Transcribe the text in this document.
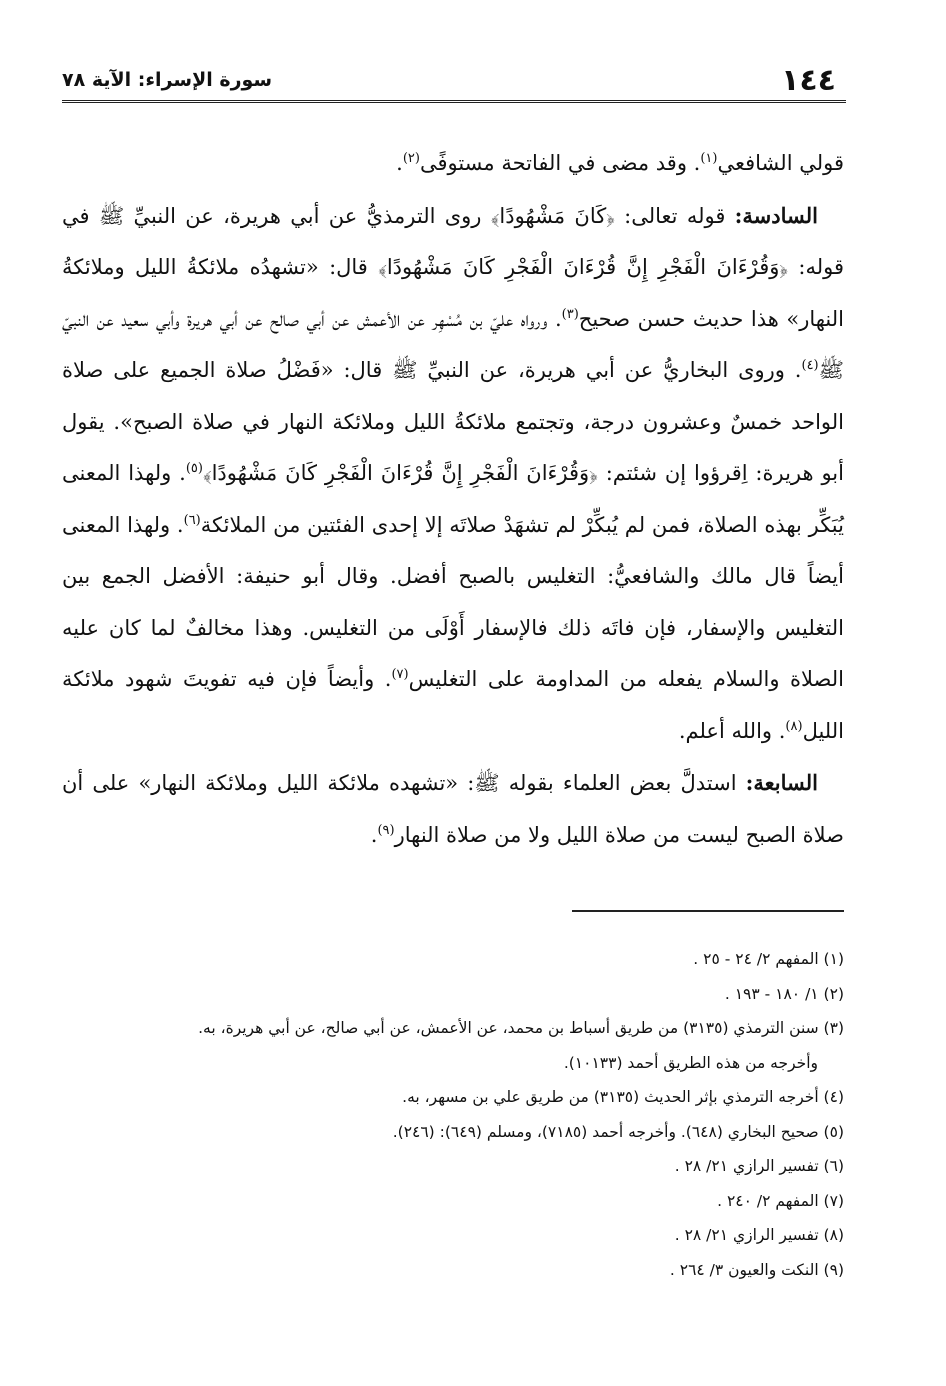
١٤٤
سورة الإسراء: الآية ٧٨

قولي الشافعي$^{(١)}$. وقد مضى في الفاتحة مستوفًى$^{(٢)}$.

السادسة: قوله تعالى: ﴿كَانَ مَشْهُودًا﴾ روى الترمذيُّ عن أبي هريرة، عن النبيِّ ﷺ في قوله: ﴿وَقُرْءَانَ الْفَجْرِ إِنَّ قُرْءَانَ الْفَجْرِ كَانَ مَشْهُودًا﴾ قال: «تشهدُه ملائكةُ الليل وملائكةُ النهار» هذا حديث حسن صحيح$^{(٣)}$. ورواه عليّ بن مُسْهِر عن الأعمش عن أبي صالح عن أبي هريرة وأبي سعيد عن النبيّ ﷺ$^{(٤)}$. وروى البخاريُّ عن أبي هريرة، عن النبيِّ ﷺ قال: «فَضْلُ صلاة الجميع على صلاة الواحد خمسٌ وعشرون درجة، وتجتمع ملائكةُ الليل وملائكة النهار في صلاة الصبح». يقول أبو هريرة: اِقرؤوا إن شئتم: ﴿وَقُرْءَانَ الْفَجْرِ إِنَّ قُرْءَانَ الْفَجْرِ كَانَ مَشْهُودًا﴾$^{(٥)}$. ولهذا المعنى يُبَكِّر بهذه الصلاة، فمن لم يُبكِّرْ لم تشهَدْ صلاتَه إلا إحدى الفئتين من الملائكة$^{(٦)}$. ولهذا المعنى أيضاً قال مالك والشافعيُّ: التغليس بالصبح أفضل. وقال أبو حنيفة: الأفضل الجمع بين التغليس والإسفار، فإن فاتَه ذلك فالإسفار أَوْلَى من التغليس. وهذا مخالفٌ لما كان عليه الصلاة والسلام يفعله من المداومة على التغليس$^{(٧)}$. وأيضاً فإن فيه تفويتَ شهود ملائكة الليل$^{(٨)}$. والله أعلم.

السابعة: استدلَّ بعض العلماء بقوله ﷺ: «تشهده ملائكة الليل وملائكة النهار» على أن صلاة الصبح ليست من صلاة الليل ولا من صلاة النهار$^{(٩)}$.

(١) المفهم ٢/ ٢٤ - ٢٥ .

(٢) ١/ ١٨٠ - ١٩٣ .

(٣) سنن الترمذي (٣١٣٥) من طريق أسباط بن محمد، عن الأعمش، عن أبي صالح، عن أبي هريرة، به.
وأخرجه من هذه الطريق أحمد (١٠١٣٣).

(٤) أخرجه الترمذي بإثر الحديث (٣١٣٥) من طريق علي بن مسهر، به.

(٥) صحيح البخاري (٦٤٨). وأخرجه أحمد (٧١٨٥)، ومسلم (٦٤٩): (٢٤٦).

(٦) تفسير الرازي ٢١/ ٢٨ .

(٧) المفهم ٢/ ٢٤٠ .

(٨) تفسير الرازي ٢١/ ٢٨ .

(٩) النكت والعيون ٣/ ٢٦٤ .
